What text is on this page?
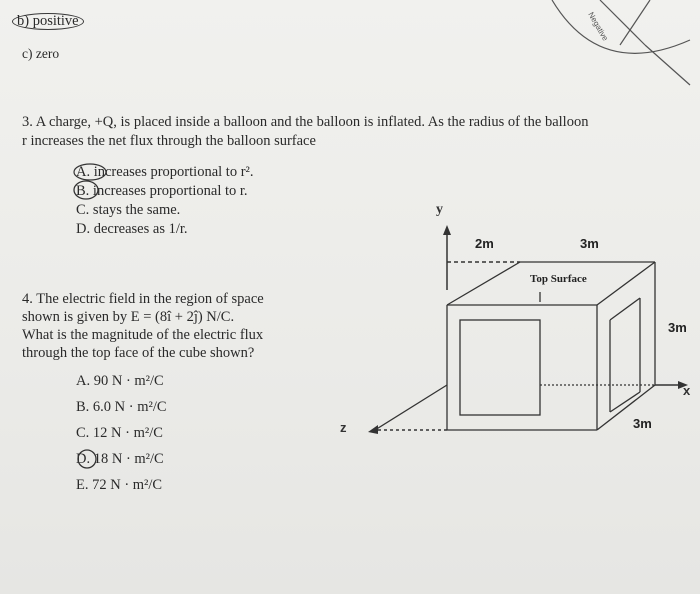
b) positive
c) zero
3. A charge, +Q, is placed inside a balloon and the balloon is inflated. As the radius of the balloon
r increases the net flux through the balloon surface
A. increases proportional to r².
B. increases proportional to r.
C. stays the same.
D. decreases as 1/r.
4. The electric field in the region of space
shown is given by E = (8î + 2ĵ) N/C.
What is the magnitude of the electric flux
through the top face of the cube shown?
A. 90 N · m²/C
B. 6.0 N · m²/C
C. 12 N · m²/C
D. 18 N · m²/C
E. 72 N · m²/C
Negative
y
2m	3m
3m
3m
Top Surface
x
z
